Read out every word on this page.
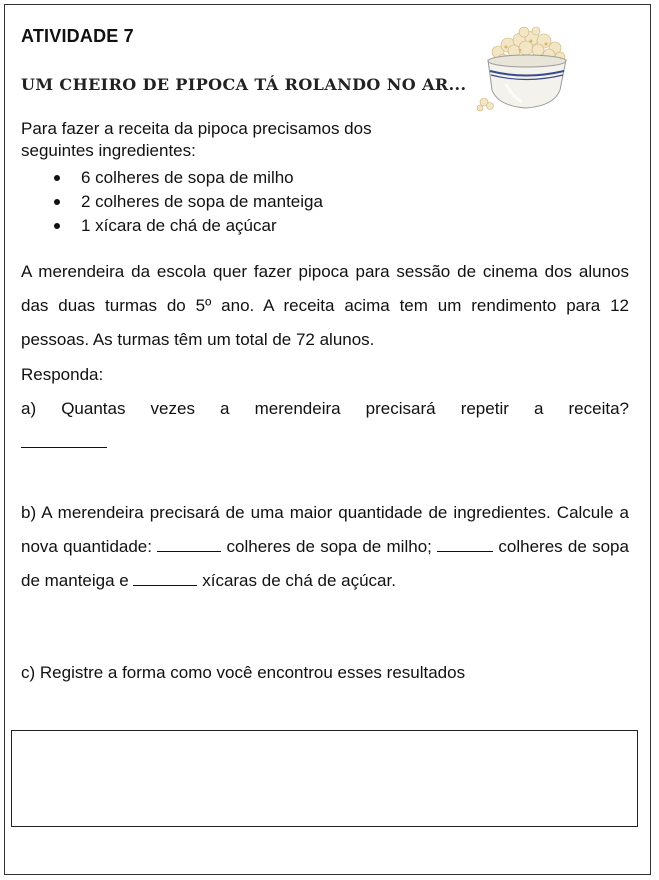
ATIVIDADE 7
UM CHEIRO DE PIPOCA TÁ ROLANDO NO AR...
Para fazer a receita da pipoca precisamos dos seguintes ingredientes:
6 colheres de sopa de milho
2 colheres de sopa de manteiga
1 xícara de chá de açúcar
A merendeira da escola quer fazer pipoca para sessão de cinema dos alunos das duas turmas do 5º ano. A receita acima tem um rendimento para 12 pessoas. As turmas têm um total de 72 alunos.
Responda:
a) Quantas vezes a merendeira precisará repetir a receita?
b) A merendeira precisará de uma maior quantidade de ingredientes. Calcule a nova quantidade:	colheres de sopa de milho;	colheres de sopa de manteiga e	xícaras de chá de açúcar.
c) Registre a forma como você encontrou esses resultados
